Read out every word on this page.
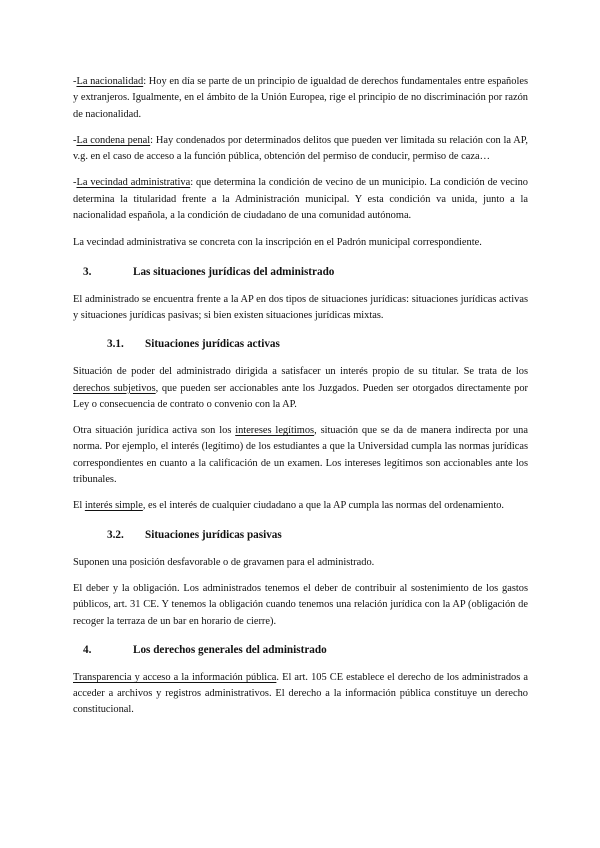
-La nacionalidad: Hoy en día se parte de un principio de igualdad de derechos fundamentales entre españoles y extranjeros. Igualmente, en el ámbito de la Unión Europea, rige el principio de no discriminación por razón de nacionalidad.

-La condena penal: Hay condenados por determinados delitos que pueden ver limitada su relación con la AP, v.g. en el caso de acceso a la función pública, obtención del permiso de conducir, permiso de caza…

-La vecindad administrativa: que determina la condición de vecino de un municipio. La condición de vecino determina la titularidad frente a la Administración municipal. Y esta condición va unida, junto a la nacionalidad española, a la condición de ciudadano de una comunidad autónoma.

La vecindad administrativa se concreta con la inscripción en el Padrón municipal correspondiente.

3.	Las situaciones jurídicas del administrado

El administrado se encuentra frente a la AP en dos tipos de situaciones jurídicas: situaciones jurídicas activas y situaciones jurídicas pasivas; si bien existen situaciones jurídicas mixtas.

3.1.	Situaciones jurídicas activas

Situación de poder del administrado dirigida a satisfacer un interés propio de su titular. Se trata de los derechos subjetivos, que pueden ser accionables ante los Juzgados. Pueden ser otorgados directamente por Ley o consecuencia de contrato o convenio con la AP.

Otra situación jurídica activa son los intereses legítimos, situación que se da de manera indirecta por una norma. Por ejemplo, el interés (legítimo) de los estudiantes a que la Universidad cumpla las normas jurídicas correspondientes en cuanto a la calificación de un examen. Los intereses legítimos son accionables ante los tribunales.

El interés simple, es el interés de cualquier ciudadano a que la AP cumpla las normas del ordenamiento.

3.2.	Situaciones jurídicas pasivas

Suponen una posición desfavorable o de gravamen para el administrado.

El deber y la obligación. Los administrados tenemos el deber de contribuir al sostenimiento de los gastos públicos, art. 31 CE. Y tenemos la obligación cuando tenemos una relación jurídica con la AP (obligación de recoger la terraza de un bar en horario de cierre).

4.	Los derechos generales del administrado

Transparencia y acceso a la información pública. El art. 105 CE establece el derecho de los administrados a acceder a archivos y registros administrativos. El derecho a la información pública constituye un derecho constitucional.
